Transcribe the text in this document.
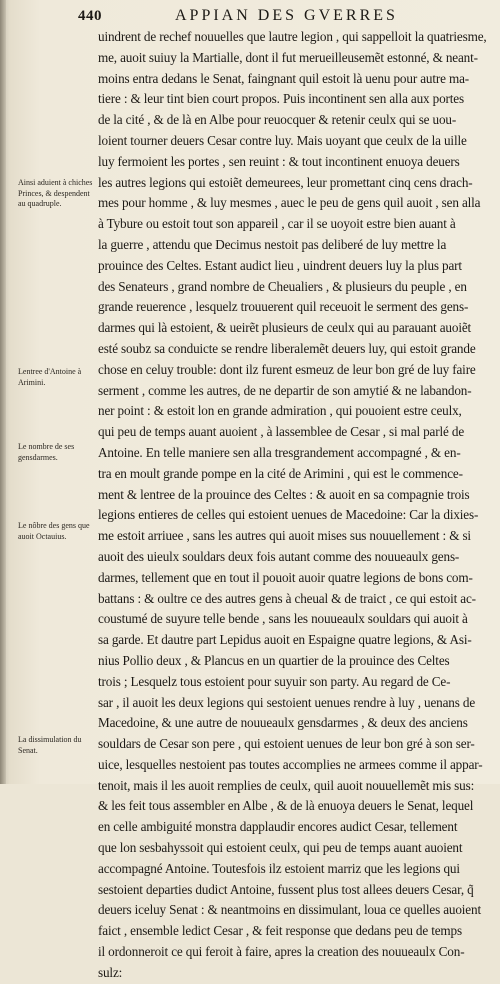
440	APPIAN DES GVERRES
Ainsi aduient à chiches Princes, & despendent au quadruple.
Lentree d'Antoine à Arimini.
Le nombre de ses gensdarmes.
Le nôbre des gens que auoit Octauius.
La dissimulation du Senat.
uindrent de rechef nouuelles que lautre legion , qui sappelloit la quatriesme,
me, auoit suiuy la Martialle, dont il fut merueilleusemẽt estonné, & neant-
moins entra dedans le Senat, faingnant quil estoit là uenu pour autre ma-
tiere : & leur tint bien court propos. Puis incontinent sen alla aux portes
de la cité , & de là en Albe pour reuocquer & retenir ceulx qui se uou-
loient tourner deuers Cesar contre luy. Mais uoyant que ceulx de la uille
luy fermoient les portes , sen reuint : & tout incontinent enuoya deuers
les autres legions qui estoiẽt demeurees, leur promettant cinq cens drach-
mes pour homme , & luy mesmes , auec le peu de gens quil auoit , sen alla
à Tybure ou estoit tout son appareil , car il se uoyoit estre bien auant à
la guerre , attendu que Decimus nestoit pas deliberé de luy mettre la
prouince des Celtes. Estant audict lieu , uindrent deuers luy la plus part
des Senateurs , grand nombre de Cheualiers , & plusieurs du peuple , en
grande reuerence , lesquelz trouuerent quil receuoit le serment des gens-
darmes qui là estoient, & ueirẽt plusieurs de ceulx qui au parauant auoiẽt
esté soubz sa conduicte se rendre liberalemẽt deuers luy, qui estoit grande
chose en celuy trouble: dont ilz furent esmeuz de leur bon gré de luy faire
serment , comme les autres, de ne departir de son amytié & ne labandon-
ner point : & estoit lon en grande admiration , qui pouoient estre ceulx,
qui peu de temps auant auoient , à lassemblee de Cesar , si mal parlé de
Antoine. En telle maniere sen alla tresgrandement accompagné , & en-
tra en moult grande pompe en la cité de Arimini , qui est le commence-
ment & lentree de la prouince des Celtes : & auoit en sa compagnie trois
legions entieres de celles qui estoient uenues de Macedoine: Car la dixies-
me estoit arriuee , sans les autres qui auoit mises sus nouuellement : & si
auoit des uieulx souldars deux fois autant comme des nouueaulx gens-
darmes, tellement que en tout il pouoit auoir quatre legions de bons com-
battans : & oultre ce des autres gens à cheual & de traict , ce qui estoit ac-
coustumé de suyure telle bende , sans les nouueaulx souldars qui auoit à
sa garde. Et dautre part Lepidus auoit en Espaigne quatre legions, & Asi-
nius Pollio deux , & Plancus en un quartier de la prouince des Celtes
trois ; Lesquelz tous estoient pour suyuir son party. Au regard de Ce-
sar , il auoit les deux legions qui sestoient uenues rendre à luy , uenans de
Macedoine, & une autre de nouueaulx gensdarmes , & deux des anciens
souldars de Cesar son pere , qui estoient uenues de leur bon gré à son ser-
uice, lesquelles nestoient pas toutes accomplies ne armees comme il appar-
tenoit, mais il les auoit remplies de ceulx, quil auoit nouuellemẽt mis sus:
& les feit tous assembler en Albe , & de là enuoya deuers le Senat, lequel
en celle ambiguité monstra dapplaudir encores audict Cesar, tellement
que lon sesbahyssoit qui estoient ceulx, qui peu de temps auant auoient
accompagné Antoine. Toutesfois ilz estoient marriz que les legions qui
sestoient departies dudict Antoine, fussent plus tost allees deuers Cesar, q̃
deuers iceluy Senat : & neantmoins en dissimulant, loua ce quelles auoient
faict , ensemble ledict Cesar , & feit response que dedans peu de temps
il ordonneroit ce qui feroit à faire, apres la creation des nouueaulx Con-
sulz:
